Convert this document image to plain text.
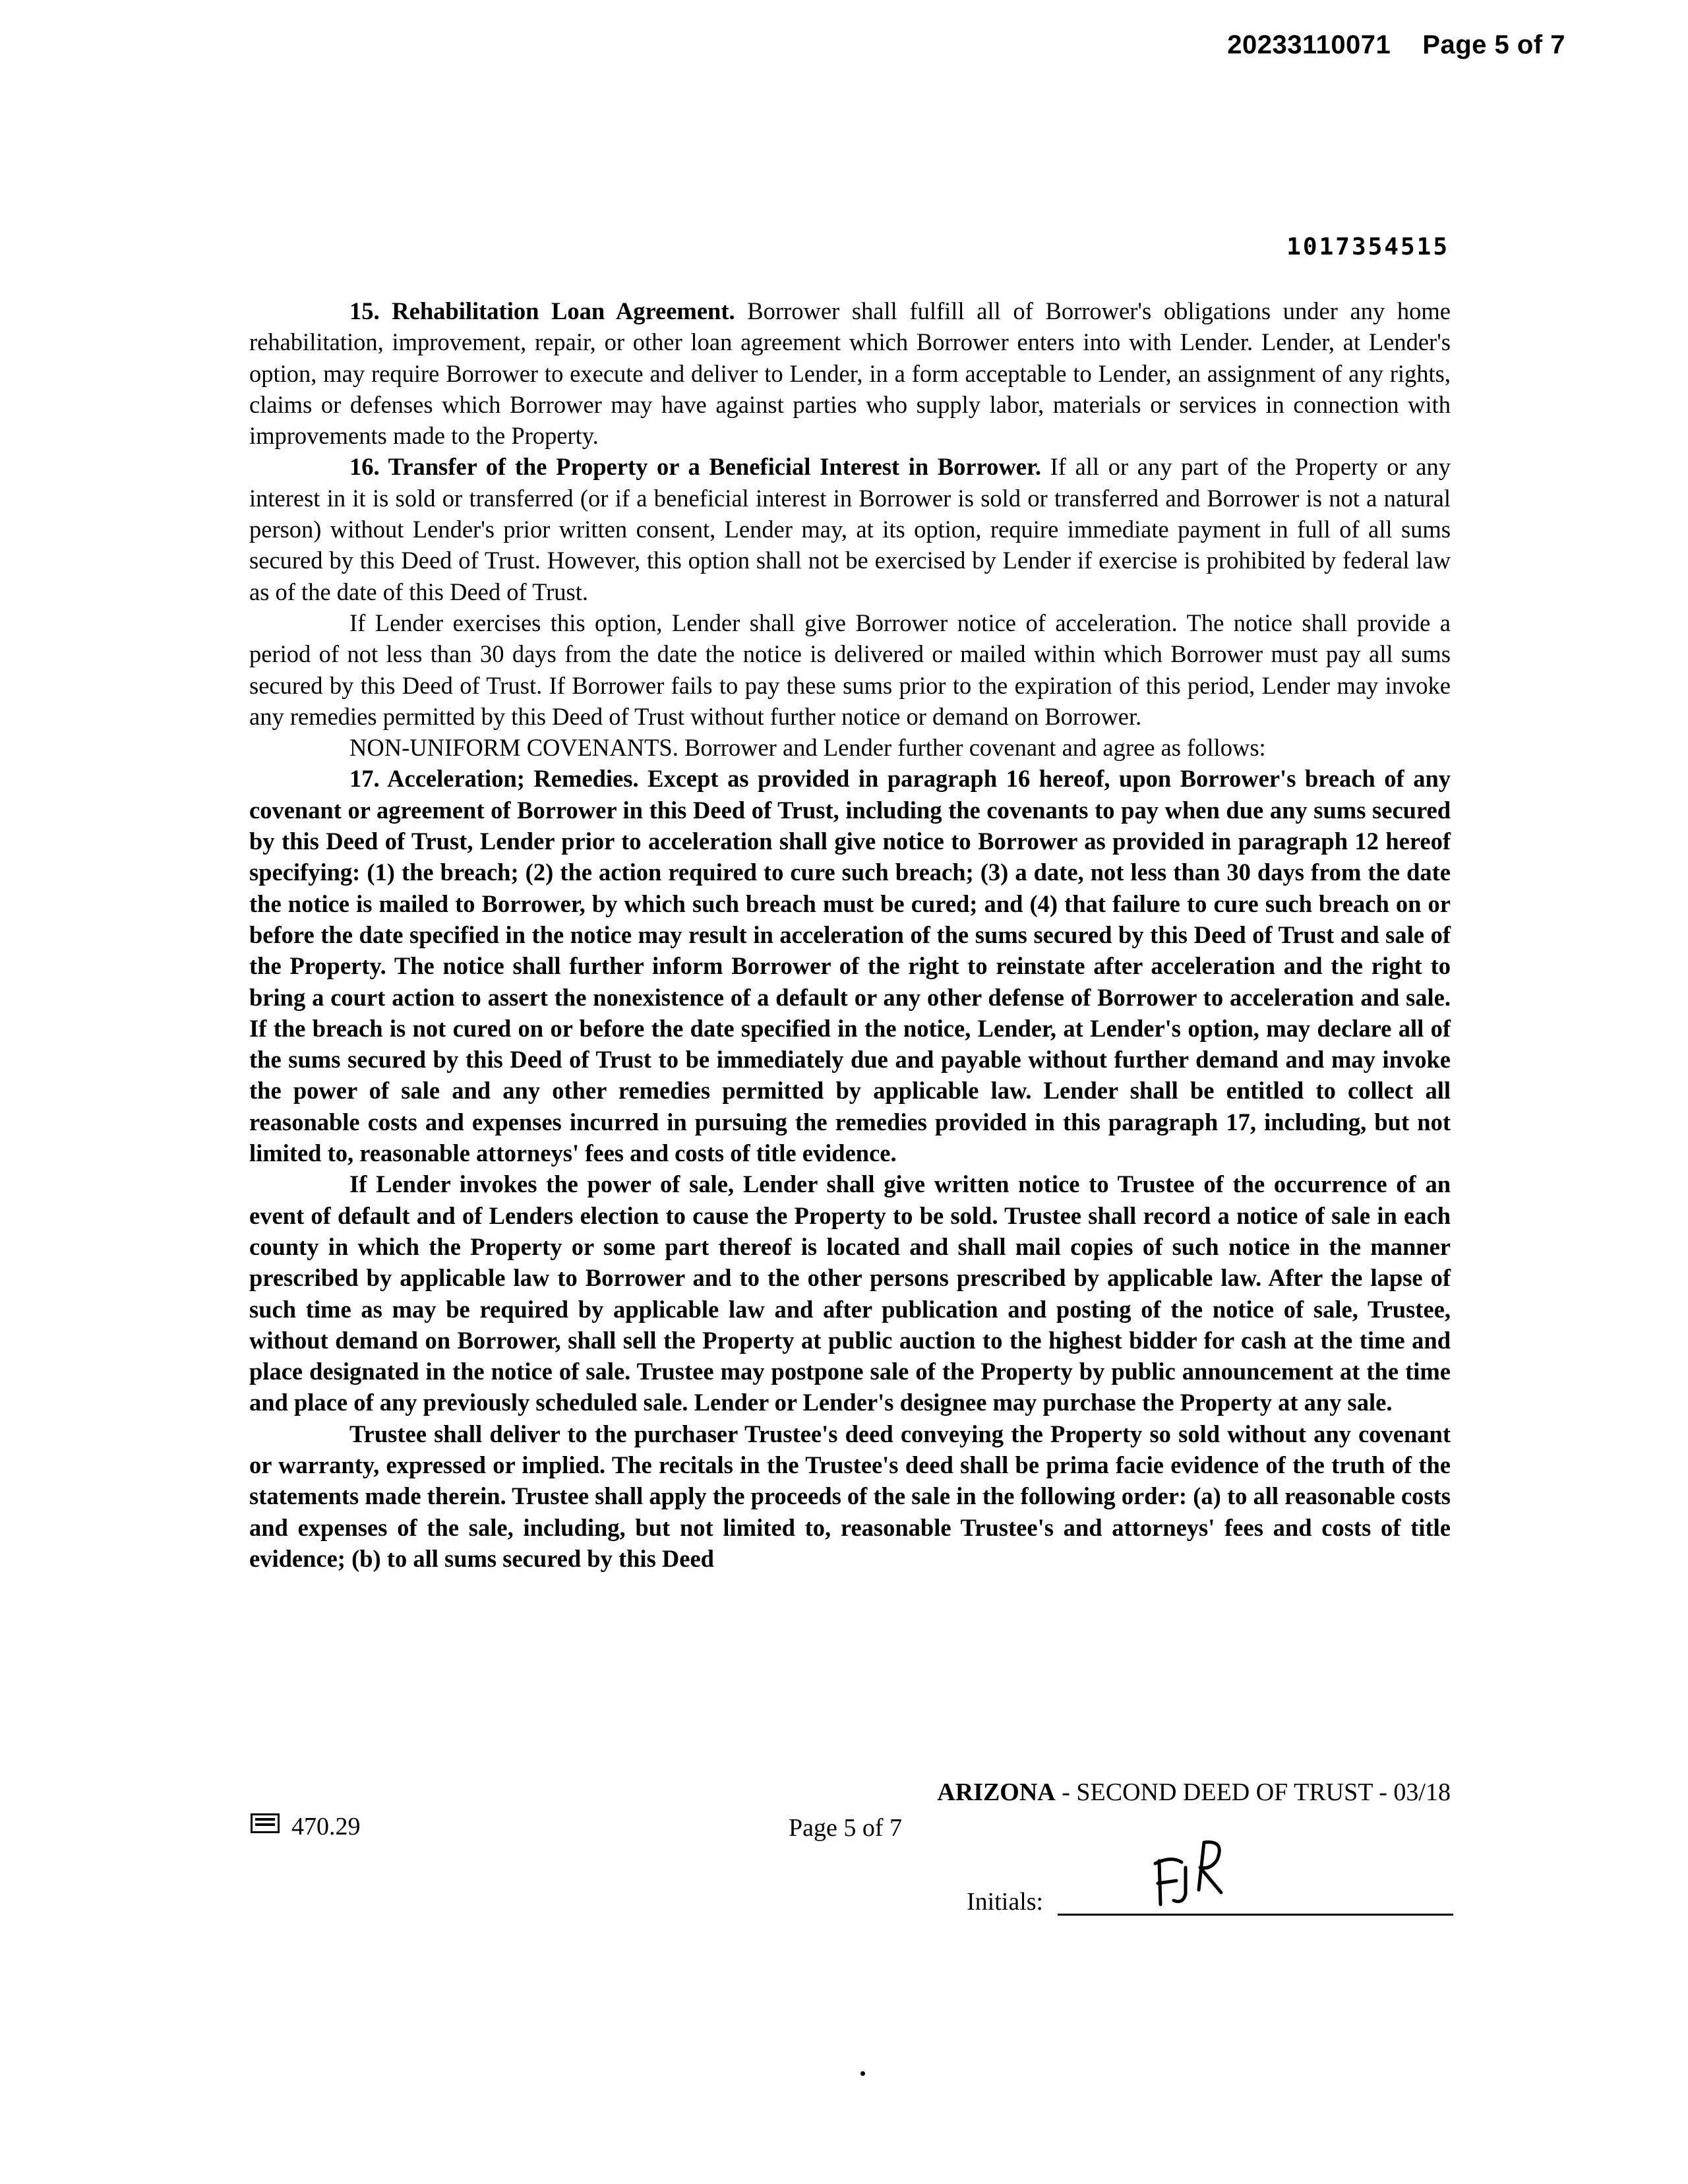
20233110071 Page 5 of 7
1017354515

15. Rehabilitation Loan Agreement. Borrower shall fulfill all of Borrower's obligations under any home rehabilitation, improvement, repair, or other loan agreement which Borrower enters into with Lender. Lender, at Lender's option, may require Borrower to execute and deliver to Lender, in a form acceptable to Lender, an assignment of any rights, claims or defenses which Borrower may have against parties who supply labor, materials or services in connection with improvements made to the Property.

16. Transfer of the Property or a Beneficial Interest in Borrower. If all or any part of the Property or any interest in it is sold or transferred (or if a beneficial interest in Borrower is sold or transferred and Borrower is not a natural person) without Lender's prior written consent, Lender may, at its option, require immediate payment in full of all sums secured by this Deed of Trust. However, this option shall not be exercised by Lender if exercise is prohibited by federal law as of the date of this Deed of Trust.

If Lender exercises this option, Lender shall give Borrower notice of acceleration. The notice shall provide a period of not less than 30 days from the date the notice is delivered or mailed within which Borrower must pay all sums secured by this Deed of Trust. If Borrower fails to pay these sums prior to the expiration of this period, Lender may invoke any remedies permitted by this Deed of Trust without further notice or demand on Borrower.

NON-UNIFORM COVENANTS. Borrower and Lender further covenant and agree as follows:

17. Acceleration; Remedies. Except as provided in paragraph 16 hereof, upon Borrower's breach of any covenant or agreement of Borrower in this Deed of Trust, including the covenants to pay when due any sums secured by this Deed of Trust, Lender prior to acceleration shall give notice to Borrower as provided in paragraph 12 hereof specifying: (1) the breach; (2) the action required to cure such breach; (3) a date, not less than 30 days from the date the notice is mailed to Borrower, by which such breach must be cured; and (4) that failure to cure such breach on or before the date specified in the notice may result in acceleration of the sums secured by this Deed of Trust and sale of the Property. The notice shall further inform Borrower of the right to reinstate after acceleration and the right to bring a court action to assert the nonexistence of a default or any other defense of Borrower to acceleration and sale. If the breach is not cured on or before the date specified in the notice, Lender, at Lender's option, may declare all of the sums secured by this Deed of Trust to be immediately due and payable without further demand and may invoke the power of sale and any other remedies permitted by applicable law. Lender shall be entitled to collect all reasonable costs and expenses incurred in pursuing the remedies provided in this paragraph 17, including, but not limited to, reasonable attorneys' fees and costs of title evidence.

If Lender invokes the power of sale, Lender shall give written notice to Trustee of the occurrence of an event of default and of Lenders election to cause the Property to be sold. Trustee shall record a notice of sale in each county in which the Property or some part thereof is located and shall mail copies of such notice in the manner prescribed by applicable law to Borrower and to the other persons prescribed by applicable law. After the lapse of such time as may be required by applicable law and after publication and posting of the notice of sale, Trustee, without demand on Borrower, shall sell the Property at public auction to the highest bidder for cash at the time and place designated in the notice of sale. Trustee may postpone sale of the Property by public announcement at the time and place of any previously scheduled sale. Lender or Lender's designee may purchase the Property at any sale.

Trustee shall deliver to the purchaser Trustee's deed conveying the Property so sold without any covenant or warranty, expressed or implied. The recitals in the Trustee's deed shall be prima facie evidence of the truth of the statements made therein. Trustee shall apply the proceeds of the sale in the following order: (a) to all reasonable costs and expenses of the sale, including, but not limited to, reasonable Trustee's and attorneys' fees and costs of title evidence; (b) to all sums secured by this Deed

ARIZONA - SECOND DEED OF TRUST - 03/18
470.29	Page 5 of 7
Initials:
